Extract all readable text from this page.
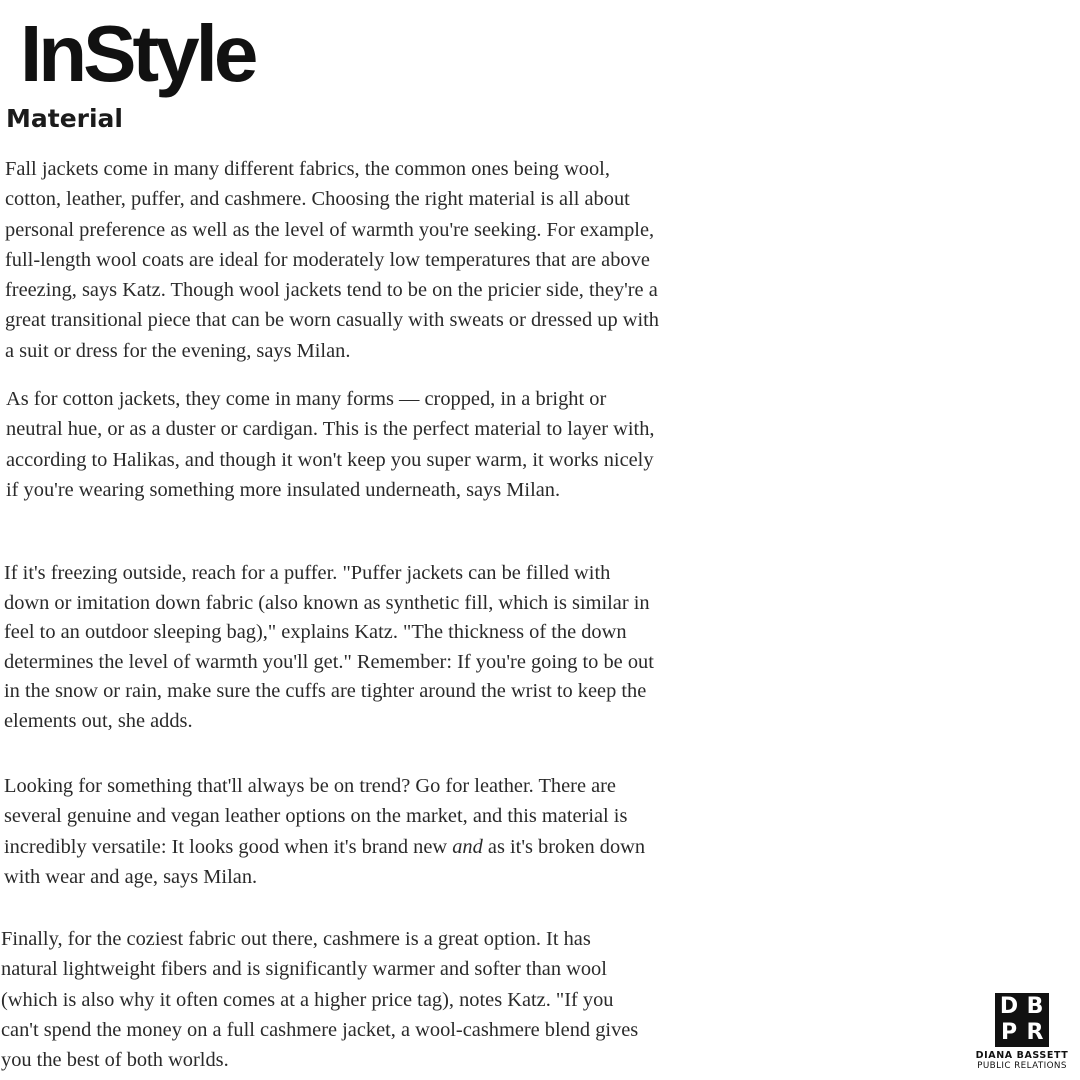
InStyle
Material

Fall jackets come in many different fabrics, the common ones being wool, cotton, leather, puffer, and cashmere. Choosing the right material is all about personal preference as well as the level of warmth you're seeking. For example, full-length wool coats are ideal for moderately low temperatures that are above freezing, says Katz. Though wool jackets tend to be on the pricier side, they're a great transitional piece that can be worn casually with sweats or dressed up with a suit or dress for the evening, says Milan.

As for cotton jackets, they come in many forms — cropped, in a bright or neutral hue, or as a duster or cardigan. This is the perfect material to layer with, according to Halikas, and though it won't keep you super warm, it works nicely if you're wearing something more insulated underneath, says Milan.

If it's freezing outside, reach for a puffer. "Puffer jackets can be filled with down or imitation down fabric (also known as synthetic fill, which is similar in feel to an outdoor sleeping bag)," explains Katz. "The thickness of the down determines the level of warmth you'll get." Remember: If you're going to be out in the snow or rain, make sure the cuffs are tighter around the wrist to keep the elements out, she adds.

Looking for something that'll always be on trend? Go for leather. There are several genuine and vegan leather options on the market, and this material is incredibly versatile: It looks good when it's brand new and as it's broken down with wear and age, says Milan.

Finally, for the coziest fabric out there, cashmere is a great option. It has natural lightweight fibers and is significantly warmer and softer than wool (which is also why it often comes at a higher price tag), notes Katz. "If you can't spend the money on a full cashmere jacket, a wool-cashmere blend gives you the best of both worlds.

D B
P R
DIANA BASSETT
PUBLIC RELATIONS
